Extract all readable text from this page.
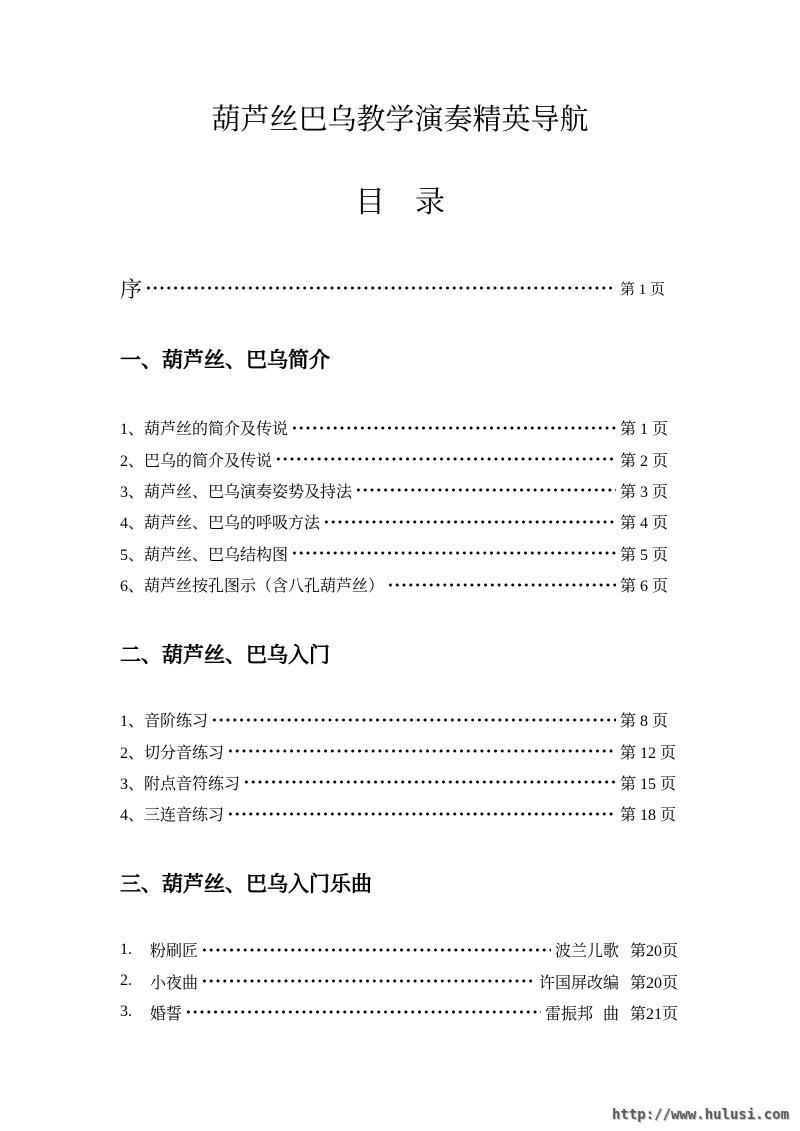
葫芦丝巴乌教学演奏精英导航
目　录
序	第 1 页
一、葫芦丝、巴乌简介
1、葫芦丝的简介及传说	第 1 页
2、巴乌的简介及传说	第 2 页
3、葫芦丝、巴乌演奏姿势及持法	第 3 页
4、葫芦丝、巴乌的呼吸方法	第 4 页
5、葫芦丝、巴乌结构图	第 5 页
6、葫芦丝按孔图示（含八孔葫芦丝）	第 6 页
二、葫芦丝、巴乌入门
1、音阶练习	第 8 页
2、切分音练习	第 12 页
3、附点音符练习	第 15 页
4、三连音练习	第 18 页
三、葫芦丝、巴乌入门乐曲
1.	粉刷匠	波兰儿歌 第20页
2.	小夜曲	许国屏改编 第20页
3.	婚誓	雷振邦 曲 第21页
http://www.hulusi.com
